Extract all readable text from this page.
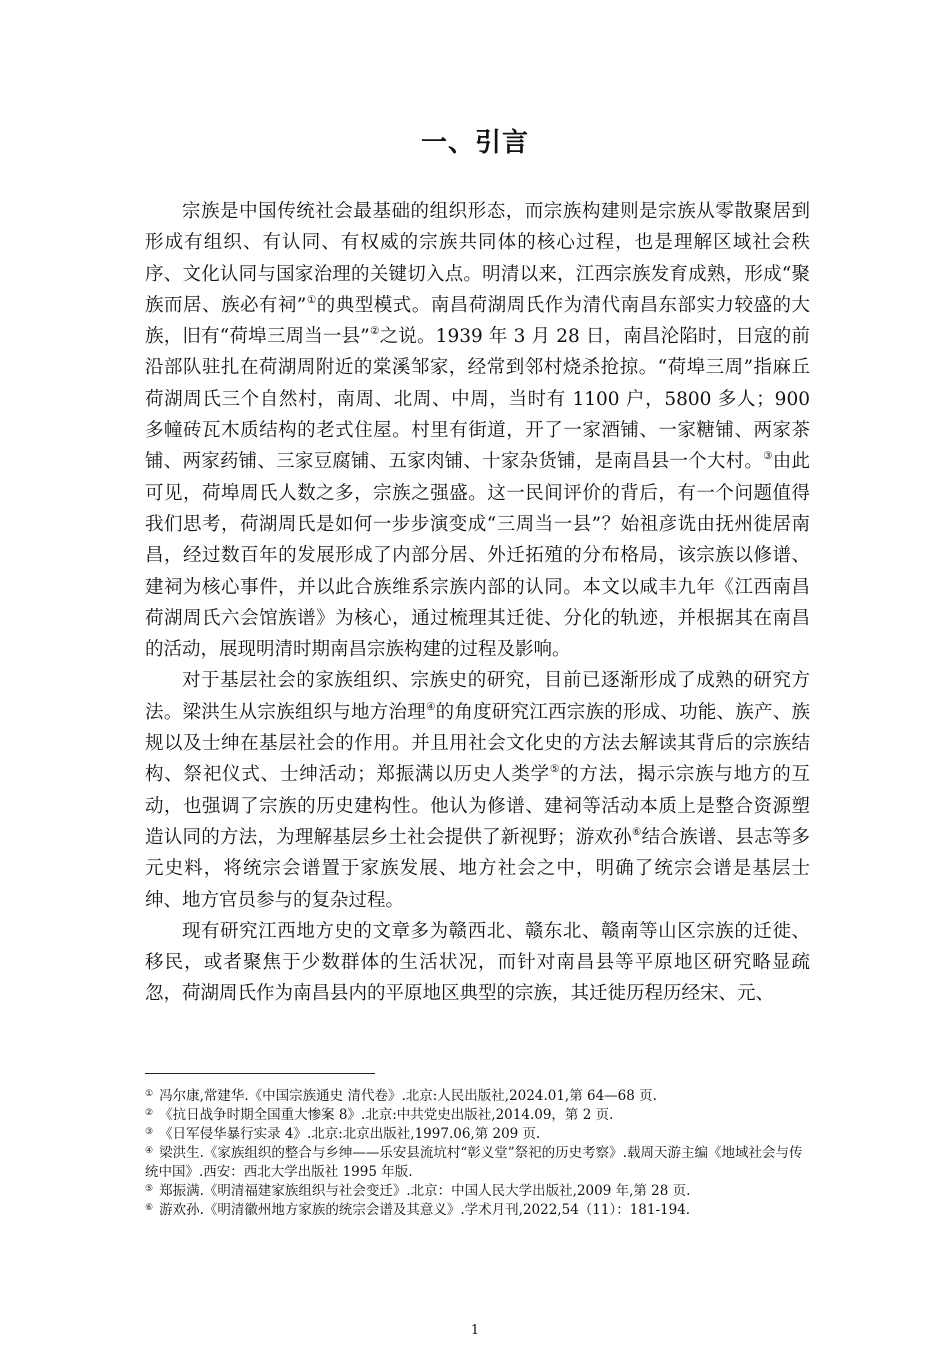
一、引言

宗族是中国传统社会最基础的组织形态，而宗族构建则是宗族从零散聚居到形成有组织、有认同、有权威的宗族共同体的核心过程，也是理解区域社会秩序、文化认同与国家治理的关键切入点。明清以来，江西宗族发育成熟，形成“聚族而居、族必有祠”①的典型模式。南昌荷湖周氏作为清代南昌东部实力较盛的大族，旧有“荷埠三周当一县”②之说。1939 年 3 月 28 日，南昌沦陷时，日寇的前沿部队驻扎在荷湖周附近的棠溪邹家，经常到邻村烧杀抢掠。“荷埠三周”指麻丘荷湖周氏三个自然村，南周、北周、中周，当时有 1100 户，5800 多人；900 多幢砖瓦木质结构的老式住屋。村里有街道，开了一家酒铺、一家糖铺、两家茶铺、两家药铺、三家豆腐铺、五家肉铺、十家杂货铺，是南昌县一个大村。③由此可见，荷埠周氏人数之多，宗族之强盛。这一民间评价的背后，有一个问题值得我们思考，荷湖周氏是如何一步步演变成“三周当一县”？始祖彦诜由抚州徙居南昌，经过数百年的发展形成了内部分居、外迁拓殖的分布格局，该宗族以修谱、建祠为核心事件，并以此合族维系宗族内部的认同。本文以咸丰九年《江西南昌荷湖周氏六会馆族谱》为核心，通过梳理其迁徙、分化的轨迹，并根据其在南昌的活动，展现明清时期南昌宗族构建的过程及影响。

对于基层社会的家族组织、宗族史的研究，目前已逐渐形成了成熟的研究方法。梁洪生从宗族组织与地方治理④的角度研究江西宗族的形成、功能、族产、族规以及士绅在基层社会的作用。并且用社会文化史的方法去解读其背后的宗族结构、祭祀仪式、士绅活动；郑振满以历史人类学⑤的方法，揭示宗族与地方的互动，也强调了宗族的历史建构性。他认为修谱、建祠等活动本质上是整合资源塑造认同的方法，为理解基层乡土社会提供了新视野；游欢孙⑥结合族谱、县志等多元史料，将统宗会谱置于家族发展、地方社会之中，明确了统宗会谱是基层士绅、地方官员参与的复杂过程。

现有研究江西地方史的文章多为赣西北、赣东北、赣南等山区宗族的迁徙、移民，或者聚焦于少数群体的生活状况，而针对南昌县等平原地区研究略显疏忽，荷湖周氏作为南昌县内的平原地区典型的宗族，其迁徙历程历经宋、元、

① 冯尔康,常建华.《中国宗族通史 清代卷》.北京:人民出版社,2024.01,第 64—68 页.
② 《抗日战争时期全国重大惨案 8》.北京:中共党史出版社,2014.09，第 2 页.
③ 《日军侵华暴行实录 4》.北京:北京出版社,1997.06,第 209 页.
④ 梁洪生.《家族组织的整合与乡绅——乐安县流坑村“彰义堂”祭祀的历史考察》.载周天游主编《地域社会与传统中国》.西安：西北大学出版社 1995 年版.
⑤ 郑振满.《明清福建家族组织与社会变迁》.北京：中国人民大学出版社,2009 年,第 28 页.
⑥ 游欢孙.《明清徽州地方家族的统宗会谱及其意义》.学术月刊,2022,54（11）：181-194.
1
